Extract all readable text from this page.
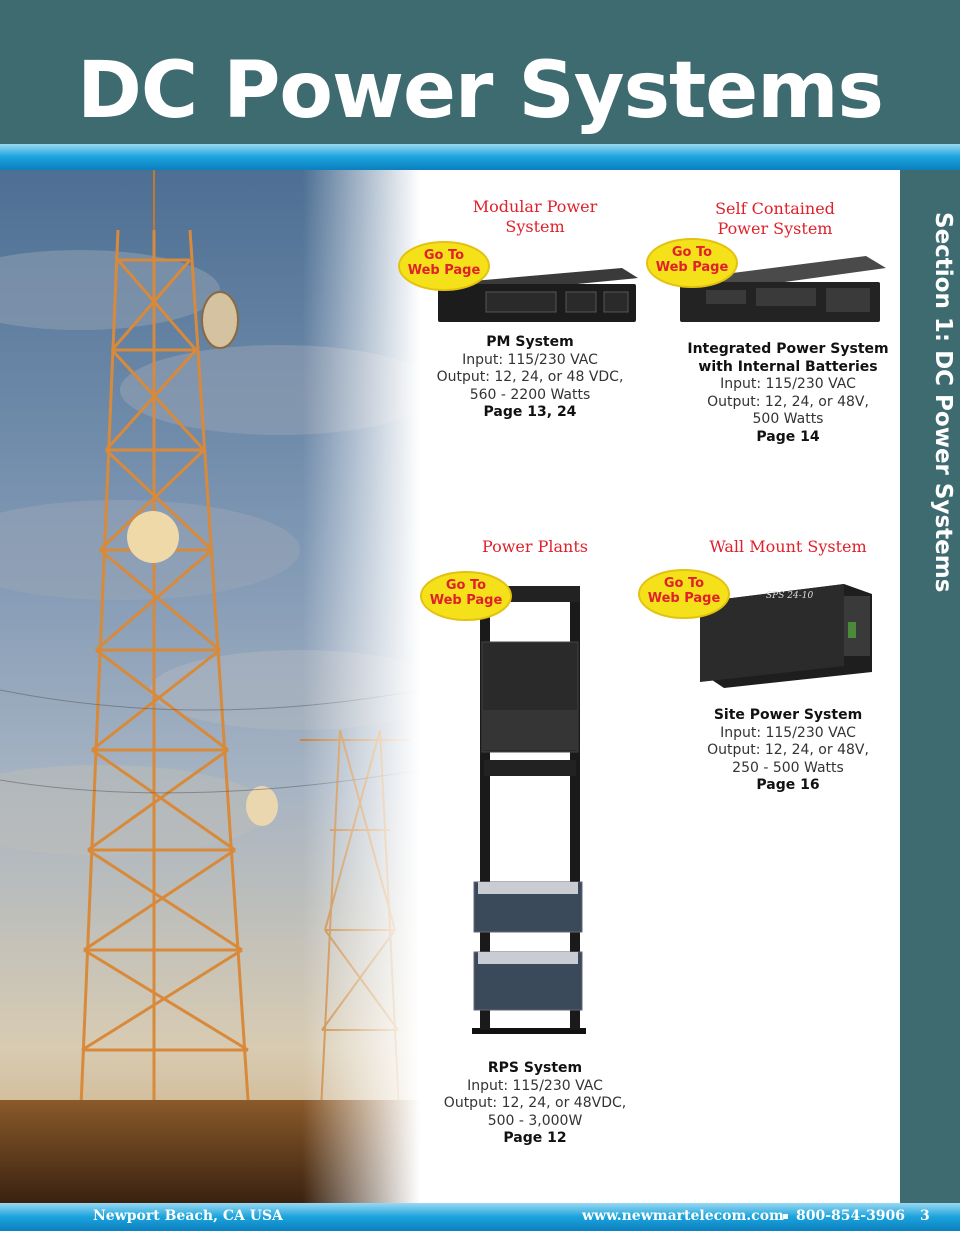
DC Power Systems
Section 1: DC Power Systems
Modular Power
System
Go To
Web Page
PM System
Input: 115/230 VAC
Output: 12, 24, or 48 VDC,
560 - 2200 Watts
Page 13, 24
Self Contained
Power System
Go To
Web Page
Integrated Power System
with Internal Batteries
Input: 115/230 VAC
Output: 12, 24, or 48V,
500 Watts
Page 14
Power Plants
Go To
Web Page
RPS System
Input: 115/230 VAC
Output: 12, 24, or 48VDC,
500 - 3,000W
Page 12
Wall Mount System
SPS 24-10
Go To
Web Page
Site Power System
Input: 115/230 VAC
Output: 12, 24, or 48V,
250 - 500 Watts
Page 16
Newport Beach, CA USA	www.newmartelecom.com
▪ 800-854-3906 3
